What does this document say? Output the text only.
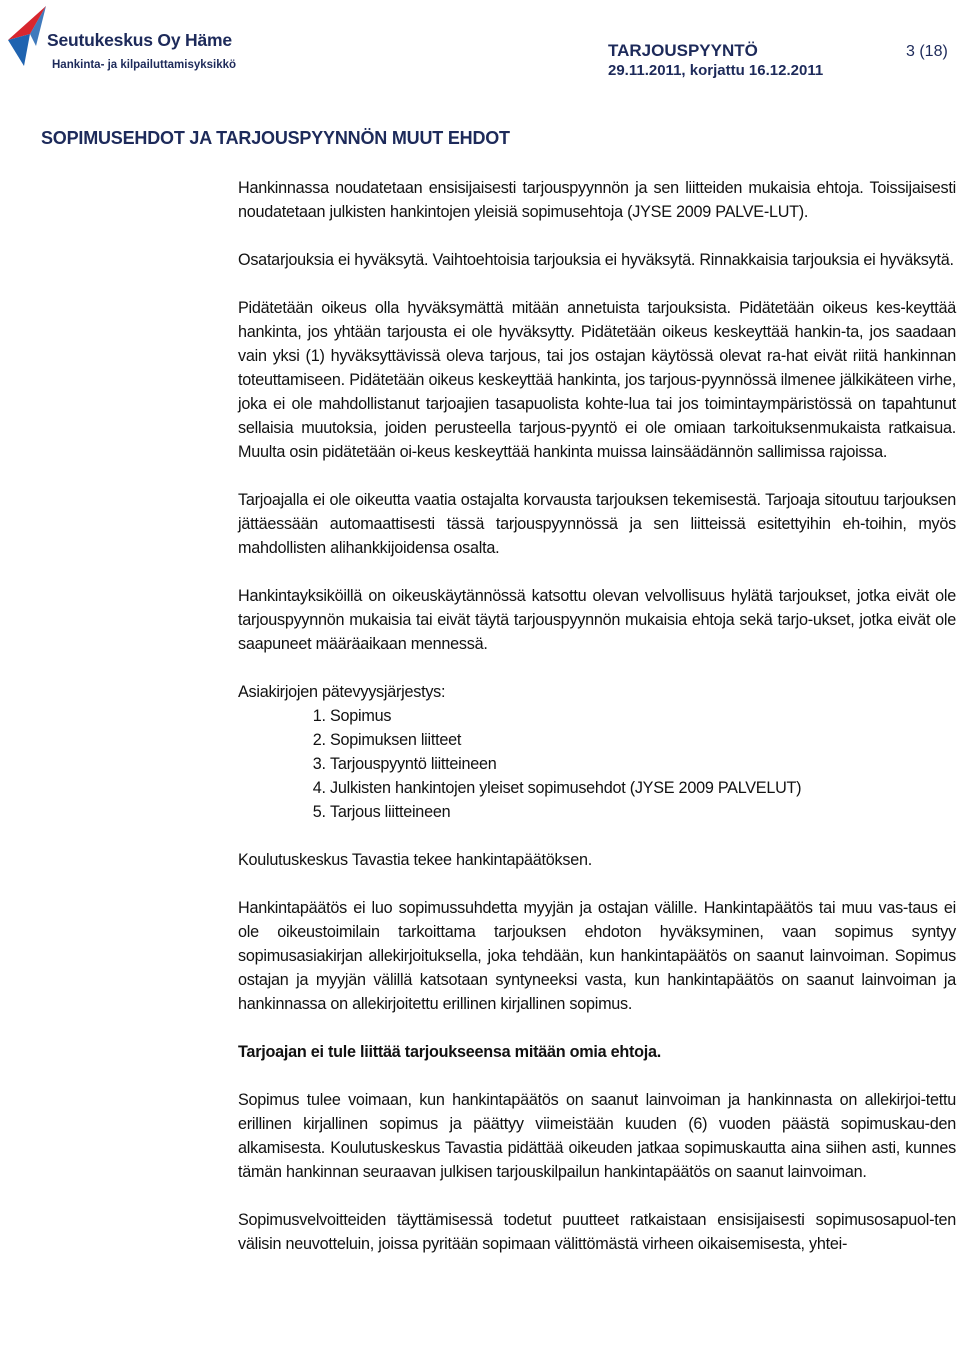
Seutukeskus Oy Häme
Hankinta- ja kilpailuttamisyksikkö
TARJOUSPYYNTÖ
29.11.2011, korjattu 16.12.2011
3 (18)
SOPIMUSEHDOT JA TARJOUSPYYNNÖN MUUT EHDOT

Hankinnassa noudatetaan ensisijaisesti tarjouspyynnön ja sen liitteiden mukaisia ehtoja. Toissijaisesti noudatetaan julkisten hankintojen yleisiä sopimusehtoja (JYSE 2009 PALVE-LUT).

Osatarjouksia ei hyväksytä. Vaihtoehtoisia tarjouksia ei hyväksytä. Rinnakkaisia tarjouksia ei hyväksytä.

Pidätetään oikeus olla hyväksymättä mitään annetuista tarjouksista. Pidätetään oikeus kes-keyttää hankinta, jos yhtään tarjousta ei ole hyväksytty. Pidätetään oikeus keskeyttää hankin-ta, jos saadaan vain yksi (1) hyväksyttävissä oleva tarjous, tai jos ostajan käytössä olevat ra-hat eivät riitä hankinnan toteuttamiseen. Pidätetään oikeus keskeyttää hankinta, jos tarjous-pyynnössä ilmenee jälkikäteen virhe, joka ei ole mahdollistanut tarjoajien tasapuolista kohte-lua tai jos toimintaympäristössä on tapahtunut sellaisia muutoksia, joiden perusteella tarjous-pyyntö ei ole omiaan tarkoituksenmukaista ratkaisua. Muulta osin pidätetään oi-keus keskeyttää hankinta muissa lainsäädännön sallimissa rajoissa.

Tarjoajalla ei ole oikeutta vaatia ostajalta korvausta tarjouksen tekemisestä. Tarjoaja sitoutuu tarjouksen jättäessään automaattisesti tässä tarjouspyynnössä ja sen liitteissä esitettyihin eh-toihin, myös mahdollisten alihankkijoidensa osalta.

Hankintayksiköillä on oikeuskäytännössä katsottu olevan velvollisuus hylätä tarjoukset, jotka eivät ole tarjouspyynnön mukaisia tai eivät täytä tarjouspyynnön mukaisia ehtoja sekä tarjo-ukset, jotka eivät ole saapuneet määräaikaan mennessä.

Asiakirjojen pätevyysjärjestys:

1. Sopimus
2. Sopimuksen liitteet
3. Tarjouspyyntö liitteineen
4. Julkisten hankintojen yleiset sopimusehdot (JYSE 2009 PALVELUT)
5. Tarjous liitteineen

Koulutuskeskus Tavastia tekee hankintapäätöksen.

Hankintapäätös ei luo sopimussuhdetta myyjän ja ostajan välille. Hankintapäätös tai muu vas-taus ei ole oikeustoimilain tarkoittama tarjouksen ehdoton hyväksyminen, vaan sopimus syntyy sopimusasiakirjan allekirjoituksella, joka tehdään, kun hankintapäätös on saanut lainvoiman. Sopimus ostajan ja myyjän välillä katsotaan syntyneeksi vasta, kun hankintapäätös on saanut lainvoiman ja hankinnassa on allekirjoitettu erillinen kirjallinen sopimus.

Tarjoajan ei tule liittää tarjoukseensa mitään omia ehtoja.

Sopimus tulee voimaan, kun hankintapäätös on saanut lainvoiman ja hankinnasta on allekirjoi-tettu erillinen kirjallinen sopimus ja päättyy viimeistään kuuden (6) vuoden päästä sopimuskau-den alkamisesta. Koulutuskeskus Tavastia pidättää oikeuden jatkaa sopimuskautta aina siihen asti, kunnes tämän hankinnan seuraavan julkisen tarjouskilpailun hankintapäätös on saanut lainvoiman.

Sopimusvelvoitteiden täyttämisessä todetut puutteet ratkaistaan ensisijaisesti sopimusosapuol-ten välisin neuvotteluin, joissa pyritään sopimaan välittömästä virheen oikaisemisesta, yhtei-
